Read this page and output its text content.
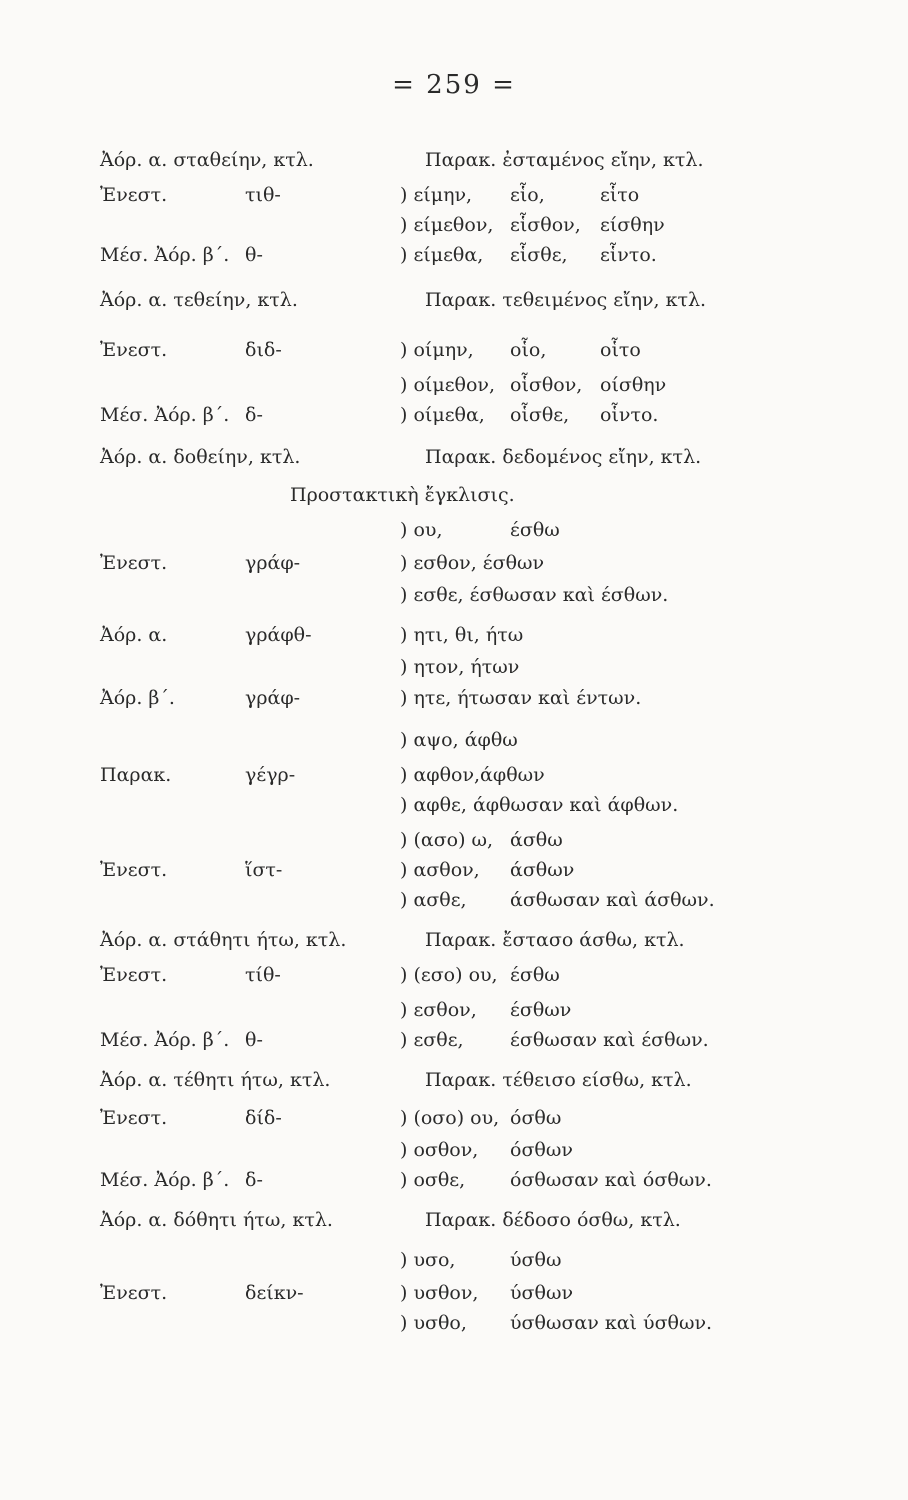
= 259 =
Ἀόρ. α. σταθείην, κτλ.	Παρακ. ἐσταμένος εἴην, κτλ.
Ἐνεστ.	τιθ-	) είμην, εἷο,	εἷτο
) είμεθον, εἷσθον, είσθην
Μέσ. Ἀόρ. β΄. θ-	) είμεθα, εἷσθε, εἷντο.
Ἀόρ. α. τεθείην, κτλ.	Παρακ. τεθειμένος εἴην, κτλ.
Ἐνεστ.	διδ-	) οίμην, οἷο,	οἷτο
) οίμεθον, οἷσθον, οίσθην
Μέσ. Ἀόρ. β΄. δ-	) οίμεθα, οἷσθε, οἷντο.
Ἀόρ. α. δοθείην, κτλ.	Παρακ. δεδομένος εἴην, κτλ.
Προστακτικὴ ἔγκλισις.
) ου,	έσθω
Ἐνεστ.	γράφ-	) εσθον, έσθων
) εσθε, έσθωσαν καὶ έσθων.
Ἀόρ. α.	γράφθ-	) ητι, θι, ήτω
) ητον, ήτων
Ἀόρ. β΄.	γράφ-	) ητε, ήτωσαν καὶ έντων.
) αψο, άφθω
Παρακ.	γέγρ-	) αφθον,άφθων
) αφθε, άφθωσαν καὶ άφθων.
) (ασο) ω, άσθω
Ἐνεστ.	ἵστ-	) ασθον, άσθων
) ασθε, άσθωσαν καὶ άσθων.
Ἀόρ. α. στάθητι ήτω, κτλ.	Παρακ. ἔστασο άσθω, κτλ.
Ἐνεστ.	τίθ-	) (εσο) ου, έσθω
) εσθον, έσθων
Μέσ. Ἀόρ. β΄. θ-	) εσθε, έσθωσαν καὶ έσθων.
Ἀόρ. α. τέθητι ήτω, κτλ.	Παρακ. τέθεισο είσθω, κτλ.
Ἐνεστ.	δίδ-	) (οσο) ου, όσθω
) οσθον, όσθων
Μέσ. Ἀόρ. β΄. δ-	) οσθε, όσθωσαν καὶ όσθων.
Ἀόρ. α. δόθητι ήτω, κτλ.	Παρακ. δέδοσο όσθω, κτλ.
) υσο,	ύσθω
Ἐνεστ.	δείκν-	) υσθον, ύσθων
) υσθο, ύσθωσαν καὶ ύσθων.
